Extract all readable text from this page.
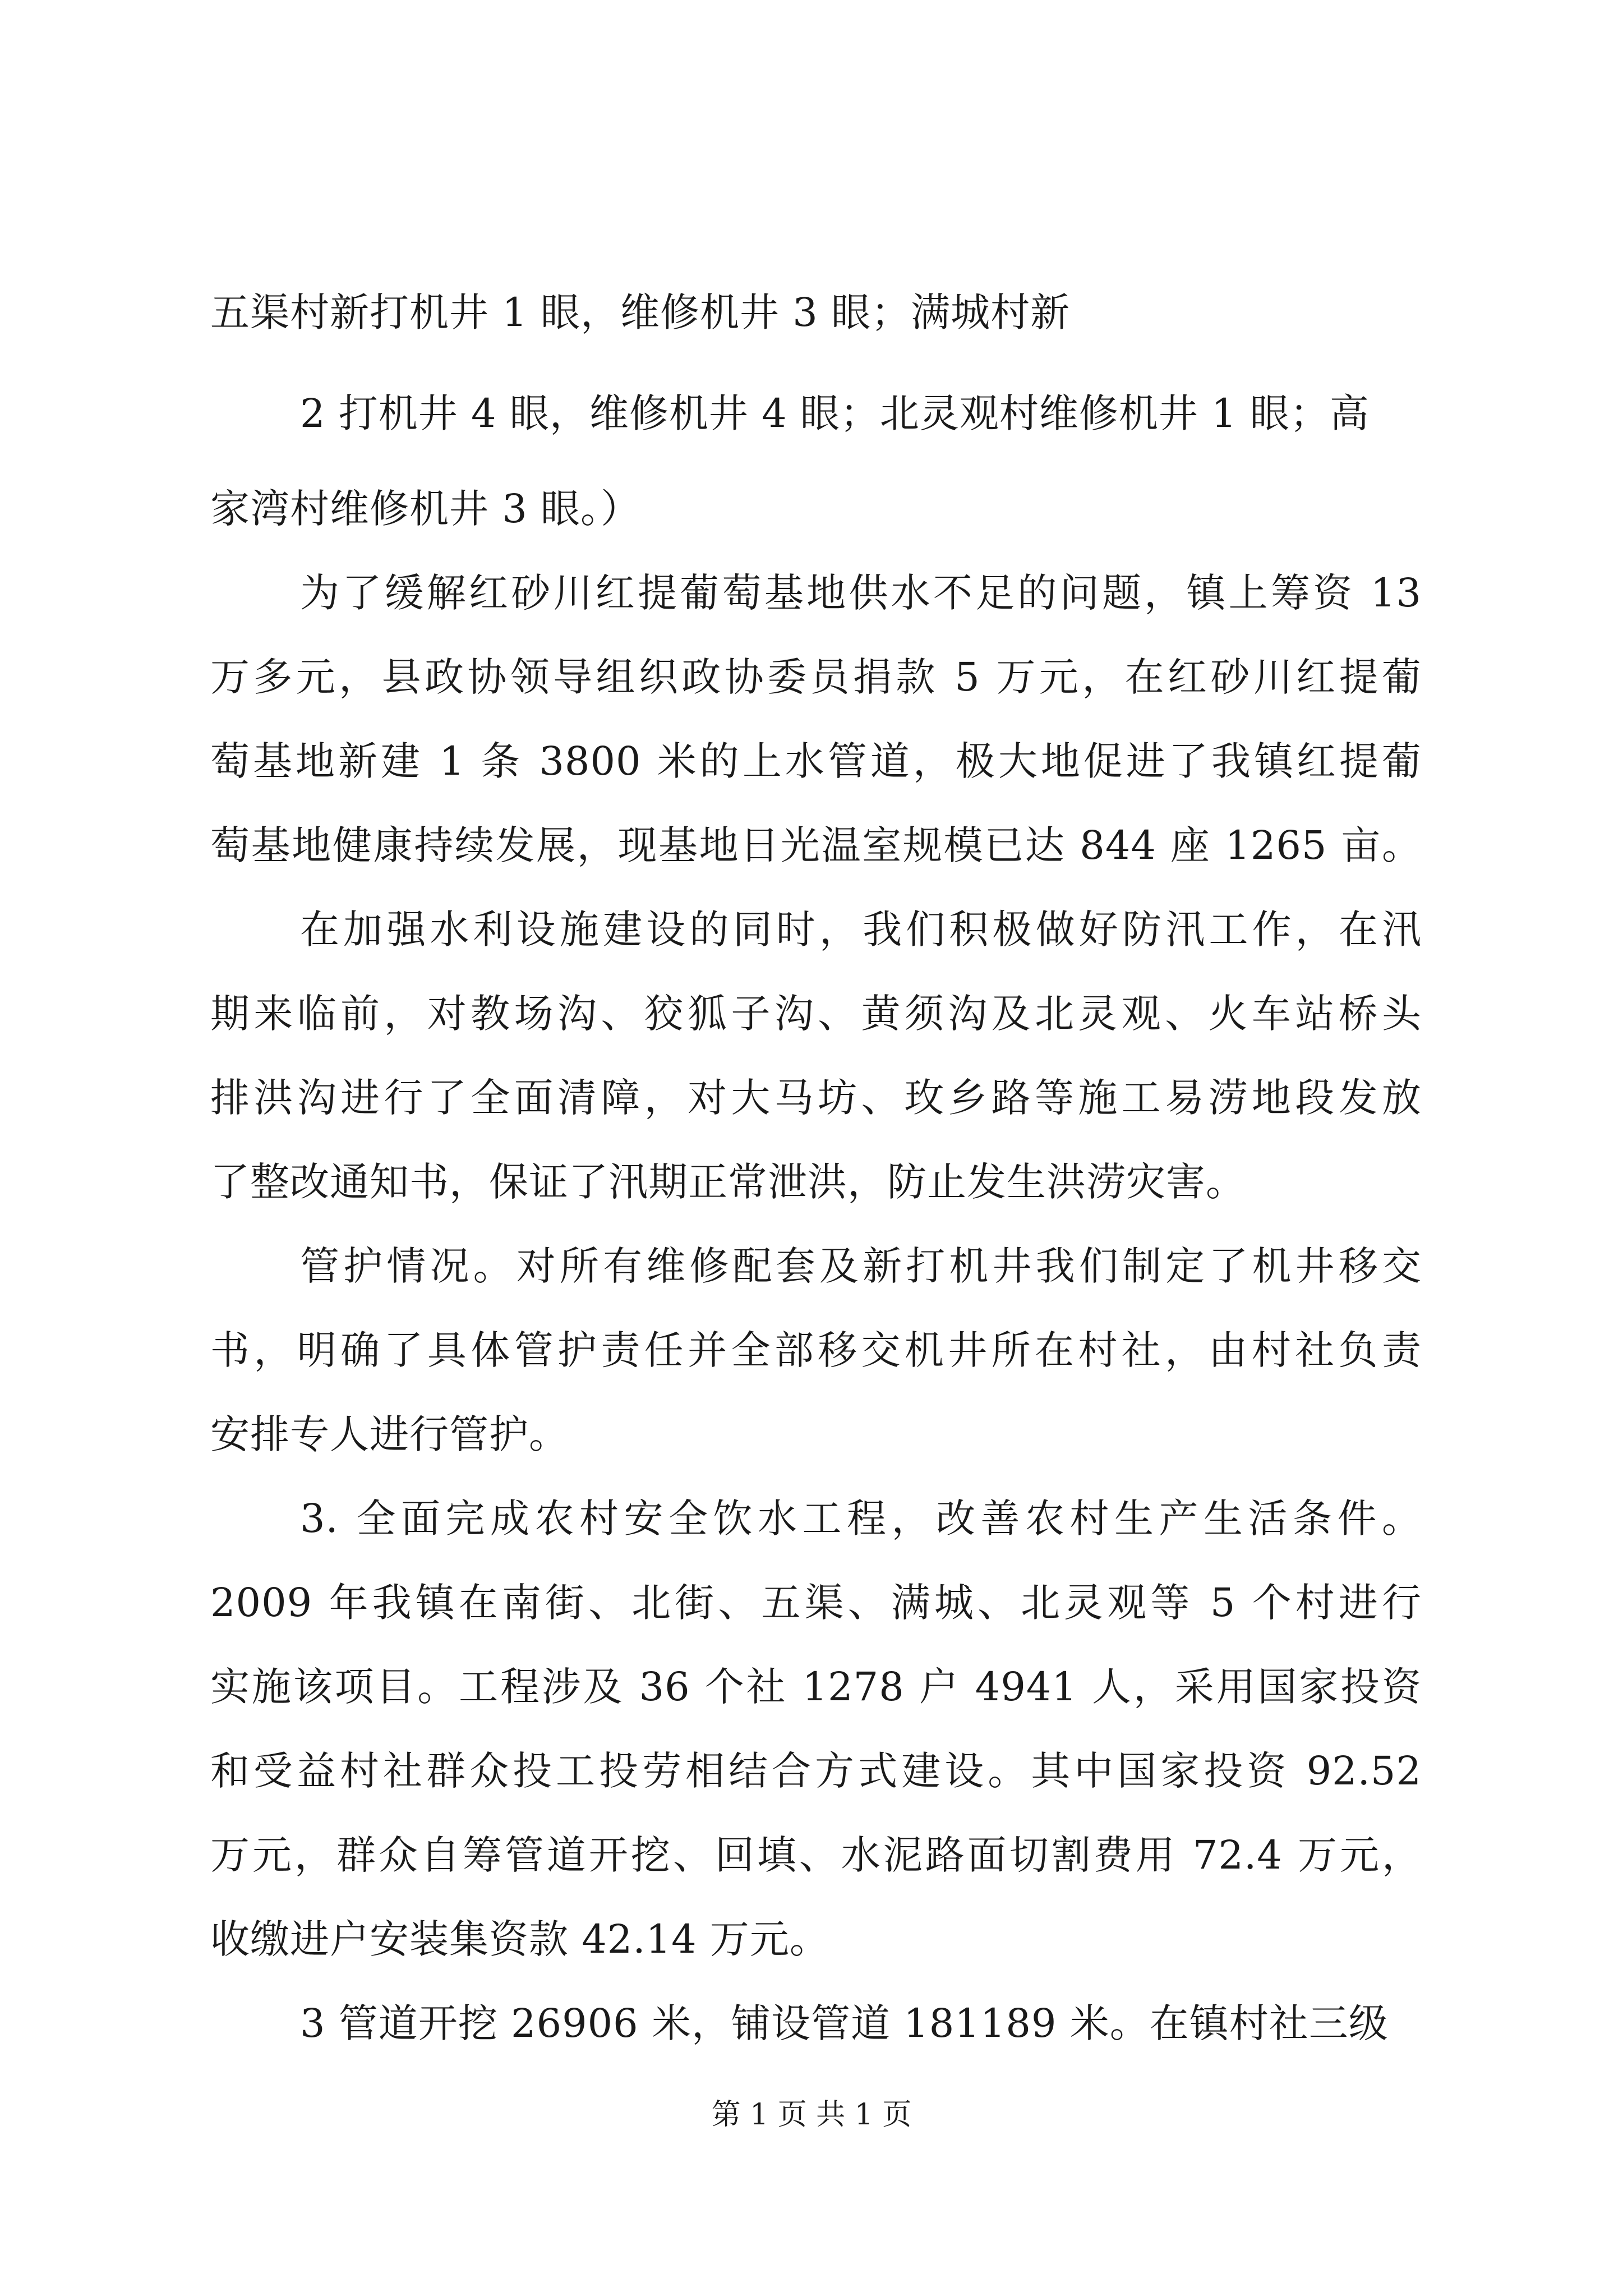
五渠村新打机井 1 眼，维修机井 3 眼；满城村新
2 打机井 4 眼，维修机井 4 眼；北灵观村维修机井 1 眼；高
家湾村维修机井 3 眼。）
为了缓解红砂川红提葡萄基地供水不足的问题，镇上筹资 13
万多元，县政协领导组织政协委员捐款 5 万元，在红砂川红提葡
萄基地新建 1 条 3800 米的上水管道，极大地促进了我镇红提葡
萄基地健康持续发展，现基地日光温室规模已达 844 座 1265 亩。
在加强水利设施建设的同时，我们积极做好防汛工作，在汛
期来临前，对教场沟、狡狐子沟、黄须沟及北灵观、火车站桥头
排洪沟进行了全面清障，对大马坊、玫乡路等施工易涝地段发放
了整改通知书，保证了汛期正常泄洪，防止发生洪涝灾害。
管护情况。对所有维修配套及新打机井我们制定了机井移交
书，明确了具体管护责任并全部移交机井所在村社，由村社负责
安排专人进行管护。
3. 全面完成农村安全饮水工程，改善农村生产生活条件。
2009 年我镇在南街、北街、五渠、满城、北灵观等 5 个村进行
实施该项目。工程涉及 36 个社 1278 户 4941 人，采用国家投资
和受益村社群众投工投劳相结合方式建设。其中国家投资 92.52
万元，群众自筹管道开挖、回填、水泥路面切割费用 72.4 万元，
收缴进户安装集资款 42.14 万元。
3 管道开挖 26906 米，铺设管道 181189 米。在镇村社三级
第 1 页 共 1 页
